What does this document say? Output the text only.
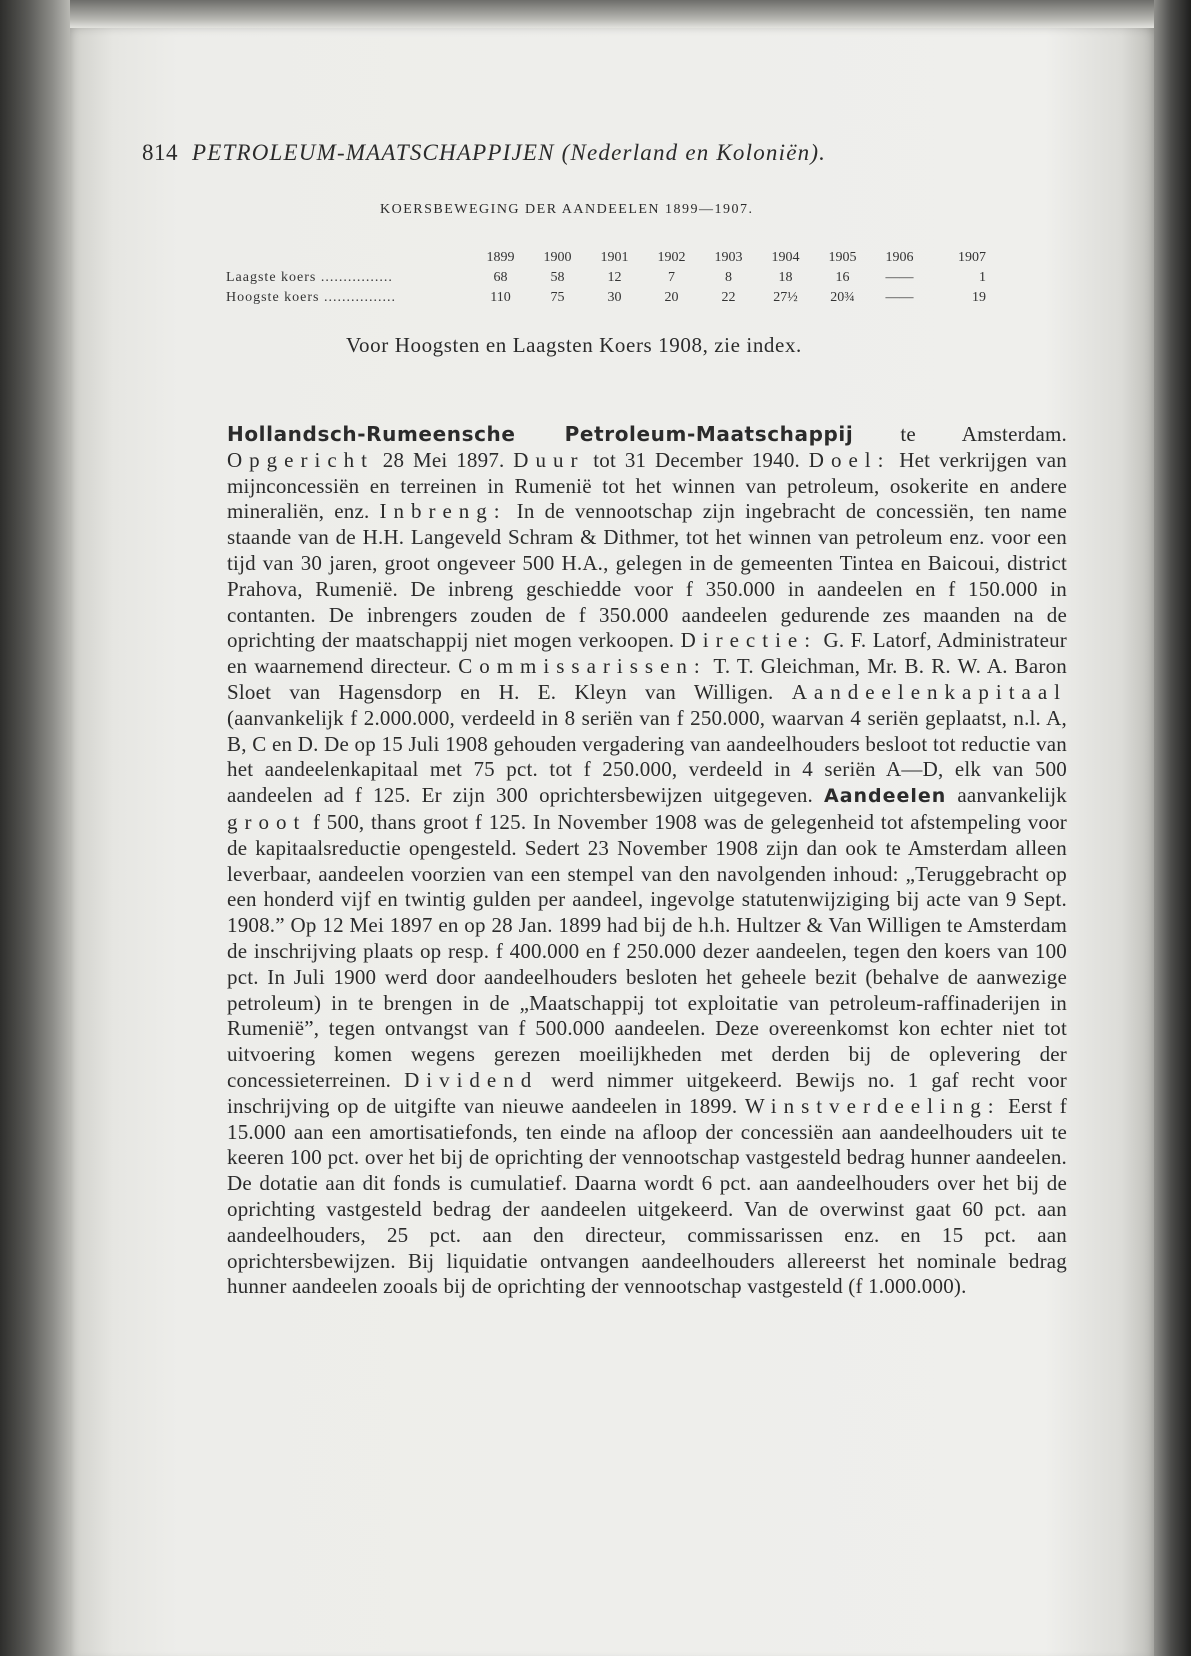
814 PETROLEUM-MAATSCHAPPIJEN (Nederland en Koloniën).
KOERSBEWEGING DER AANDEELEN 1899—1907.
	1899	1900	1901	1902	1903	1904	1905	1906	1907
Laagste koers ................	68	58	12	7	8	18	16	——	1
Hoogste koers ................	110	75	30	20	22	27½	20¾	——	19
Voor Hoogsten en Laagsten Koers 1908, zie index.

Hollandsch-Rumeensche Petroleum-Maatschappij te Amsterdam. Opgericht 28 Mei 1897. Duur tot 31 December 1940. Doel: Het verkrijgen van mijnconcessiën en terreinen in Rumenië tot het winnen van petroleum, osokerite en andere mineraliën, enz. Inbreng: In de vennootschap zijn ingebracht de concessiën, ten name staande van de H.H. Langeveld Schram & Dithmer, tot het winnen van petroleum enz. voor een tijd van 30 jaren, groot ongeveer 500 H.A., gelegen in de gemeenten Tintea en Baicoui, district Prahova, Rumenië. De inbreng geschiedde voor f 350.000 in aandeelen en f 150.000 in contanten. De inbrengers zouden de f 350.000 aandeelen gedurende zes maanden na de oprichting der maatschappij niet mogen verkoopen. Directie: G. F. Latorf, Administrateur en waarnemend directeur. Commissarissen: T. T. Gleichman, Mr. B. R. W. A. Baron Sloet van Hagensdorp en H. E. Kleyn van Willigen. Aandeelenkapitaal (aanvankelijk f 2.000.000, verdeeld in 8 seriën van f 250.000, waarvan 4 seriën geplaatst, n.l. A, B, C en D. De op 15 Juli 1908 gehouden vergadering van aandeelhouders besloot tot reductie van het aandeelenkapitaal met 75 pct. tot f 250.000, verdeeld in 4 seriën A—D, elk van 500 aandeelen ad f 125. Er zijn 300 oprichtersbewijzen uitgegeven. Aandeelen aanvankelijk groot f 500, thans groot f 125. In November 1908 was de gelegenheid tot afstempeling voor de kapitaalsreductie opengesteld. Sedert 23 November 1908 zijn dan ook te Amsterdam alleen leverbaar, aandeelen voorzien van een stempel van den navolgenden inhoud: „Teruggebracht op een honderd vijf en twintig gulden per aandeel, ingevolge statutenwijziging bij acte van 9 Sept. 1908.” Op 12 Mei 1897 en op 28 Jan. 1899 had bij de h.h. Hultzer & Van Willigen te Amsterdam de inschrijving plaats op resp. f 400.000 en f 250.000 dezer aandeelen, tegen den koers van 100 pct. In Juli 1900 werd door aandeelhouders besloten het geheele bezit (behalve de aanwezige petroleum) in te brengen in de „Maatschappij tot exploitatie van petroleum-raffinaderijen in Rumenië”, tegen ontvangst van f 500.000 aandeelen. Deze overeenkomst kon echter niet tot uitvoering komen wegens gerezen moeilijkheden met derden bij de oplevering der concessieterreinen. Dividend werd nimmer uitgekeerd. Bewijs no. 1 gaf recht voor inschrijving op de uitgifte van nieuwe aandeelen in 1899. Winstverdeeling: Eerst f 15.000 aan een amortisatiefonds, ten einde na afloop der concessiën aan aandeelhouders uit te keeren 100 pct. over het bij de oprichting der vennootschap vastgesteld bedrag hunner aandeelen. De dotatie aan dit fonds is cumulatief. Daarna wordt 6 pct. aan aandeelhouders over het bij de oprichting vastgesteld bedrag der aandeelen uitgekeerd. Van de overwinst gaat 60 pct. aan aandeelhouders, 25 pct. aan den directeur, commissarissen enz. en 15 pct. aan oprichtersbewijzen. Bij liquidatie ontvangen aandeelhouders allereerst het nominale bedrag hunner aandeelen zooals bij de oprichting der vennootschap vastgesteld (f 1.000.000).
